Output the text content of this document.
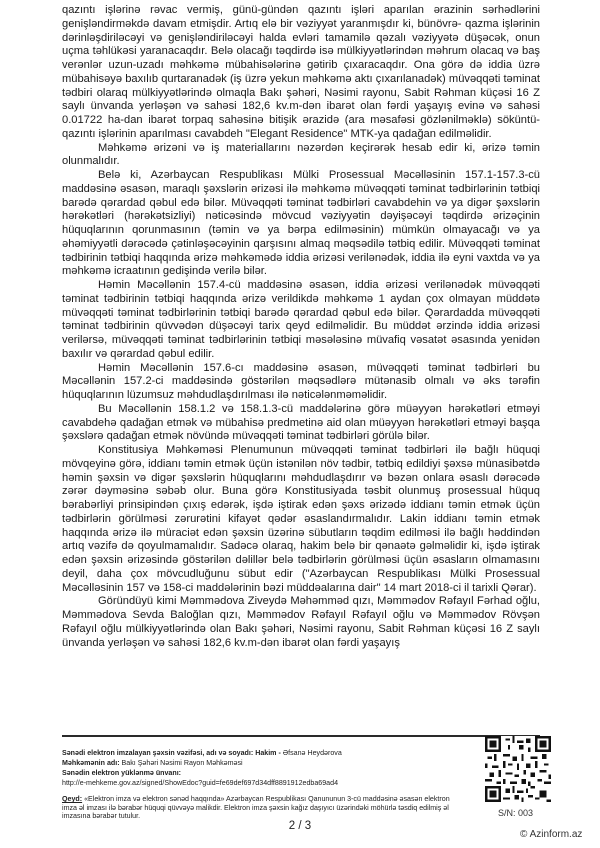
qazıntı işlərinə rəvac vermiş, günü-gündən qazıntı işləri aparılan ərazinin sərhədlərini genişləndirməkdə davam etmişdir. Artıq elə bir vəziyyət yaranmışdır ki, bünövrə- qazma işlərinin dərinləşdiriləcəyi və genişləndiriləcəyi halda evləri tamamilə qəzalı vəziyyətə düşəcək, onun uçma təhlükəsi yaranacaqdır. Belə olacağı təqdirdə isə mülkiyyətlərindən məhrum olacaq və baş verənlər uzun-uzadı məhkəmə mübahisələrinə gətirib çıxaracaqdır. Ona görə də iddia üzrə mübahisəyə baxılıb qurtaranadək (iş üzrə yekun məhkəmə aktı çıxarılanadək) müvəqqəti təminat tədbiri olaraq mülkiyyətlərində olmaqla Bakı şəhəri, Nəsimi rayonu, Sabit Rəhman küçəsi 16 Z saylı ünvanda yerləşən və sahəsi 182,6 kv.m-dən ibarət olan fərdi yaşayış evinə və sahəsi 0.01722 ha-dan ibarət torpaq sahəsinə bitişik ərazidə (ara məsafəsi gözlənilməklə) söküntü-qazıntı işlərinin aparılması cavabdeh "Elegant Residence" MTK-ya qadağan edilməlidir.

Məhkəmə ərizəni və iş materiallarını nəzərdən keçirərək hesab edir ki, ərizə təmin olunmalıdır.

Belə ki, Azərbaycan Respublikası Mülki Prosessual Məcəlləsinin 157.1-157.3-cü maddəsinə əsasən, maraqlı şəxslərin ərizəsi ilə məhkəmə müvəqqəti təminat tədbirlərinin tətbiqi barədə qərardad qəbul edə bilər. Müvəqqəti təminat tədbirləri cavabdehin və ya digər şəxslərin hərəkətləri (hərəkətsizliyi) nəticəsində mövcud vəziyyətin dəyişəcəyi təqdirdə ərizəçinin hüquqlarının qorunmasının (təmin və ya bərpa edilməsinin) mümkün olmayacağı və ya əhəmiyyətli dərəcədə çətinləşəcəyinin qarşısını almaq məqsədilə tətbiq edilir. Müvəqqəti təminat tədbirinin tətbiqi haqqında ərizə məhkəmədə iddia ərizəsi verilənədək, iddia ilə eyni vaxtda və ya məhkəmə icraatının gedişində verilə bilər.

Həmin Məcəllənin 157.4-cü maddəsinə əsasən, iddia ərizəsi verilənədək müvəqqəti təminat tədbirinin tətbiqi haqqında ərizə verildikdə məhkəmə 1 aydan çox olmayan müddətə müvəqqəti təminat tədbirlərinin tətbiqi barədə qərardad qəbul edə bilər. Qərardadda müvəqqəti təminat tədbirinin qüvvədən düşəcəyi tarix qeyd edilməlidir. Bu müddət ərzində iddia ərizəsi verilərsə, müvəqqəti təminat tədbirlərinin tətbiqi məsələsinə müvafiq vəsatət əsasında yenidən baxılır və qərardad qəbul edilir.

Həmin Məcəllənin 157.6-cı maddəsinə əsasən, müvəqqəti təminat tədbirləri bu Məcəllənin 157.2-ci maddəsində göstərilən məqsədlərə mütənasib olmalı və əks tərəfin hüquqlarının lüzumsuz məhdudlaşdırılması ilə nəticələnməməlidir.

Bu Məcəllənin 158.1.2 və 158.1.3-cü maddələrinə görə müəyyən hərəkətləri etməyi cavabdehə qadağan etmək və mübahisə predmetinə aid olan müəyyən hərəkətləri etməyi başqa şəxslərə qadağan etmək növündə müvəqqəti təminat tədbirləri görülə bilər.

Konstitusiya Məhkəməsi Plenumunun müvəqqəti təminat tədbirləri ilə bağlı hüquqi mövqeyinə görə, iddianı təmin etmək üçün istənilən növ tədbir, tətbiq edildiyi şəxsə münasibətdə həmin şəxsin və digər şəxslərin hüquqlarını məhdudlaşdırır və bəzən onlara əsaslı dərəcədə zərər dəyməsinə səbəb olur. Buna görə Konstitusiyada təsbit olunmuş prosessual hüquq bərabərliyi prinsipindən çıxış edərək, işdə iştirak edən şəxs ərizədə iddianı təmin etmək üçün tədbirlərin görülməsi zərurətini kifayət qədər əsaslandırmalıdır. Lakin iddianı təmin etmək haqqında ərizə ilə müraciət edən şəxsin üzərinə sübutların təqdim edilməsi ilə bağlı həddindən artıq vəzifə də qoyulmamalıdır. Sadəcə olaraq, hakim belə bir qənaətə gəlməlidir ki, işdə iştirak edən şəxsin ərizəsində göstərilən dəlillər belə tədbirlərin görülməsi üçün əsasların olmamasını deyil, daha çox mövcudluğunu sübut edir ("Azərbaycan Respublikası Mülki Prosessual Məcəlləsinin 157 və 158-ci maddələrinin bəzi müddəalarına dair" 14 mart 2018-ci il tarixli Qərar).

Göründüyü kimi Məmmədova Ziveydə Məhəmməd qızı, Məmmədov Rəfayıl Fərhad oğlu, Məmmədova Sevda Baloğlan qızı, Məmmədov Rəfayıl Rəfayıl oğlu və Məmmədov Rövşən Rəfayıl oğlu mülkiyyətlərində olan Bakı şəhəri, Nəsimi rayonu, Sabit Rəhman küçəsi 16 Z saylı ünvanda yerləşən və sahəsi 182,6 kv.m-dən ibarət olan fərdi yaşayış

Sənədi elektron imzalayan şəxsin vəzifəsi, adı və soyadı: Hakim - Əfsanə Heydərova
Məhkəmənin adı: Bakı Şəhəri Nəsimi Rayon Məhkəməsi
Sənədin elektron yüklənmə ünvanı:
http://e-mehkeme.gov.az/signed/ShowEdoc?guid=fe69def697d34dff8891912edba69ad4
Qeyd: «Elektron imza və elektron sənəd haqqında» Azərbaycan Respublikası Qanununun 3-cü maddəsinə əsasən elektron imza əl imzası ilə bərabər hüquqi qüvvəyə malikdir. Elektron imza şəxsin kağız daşıyıcı üzərindəki möhürlə təsdiq edilmiş əl imzasına bərabər tutulur.	S/N: 003
2 / 3
© Azinform.az
